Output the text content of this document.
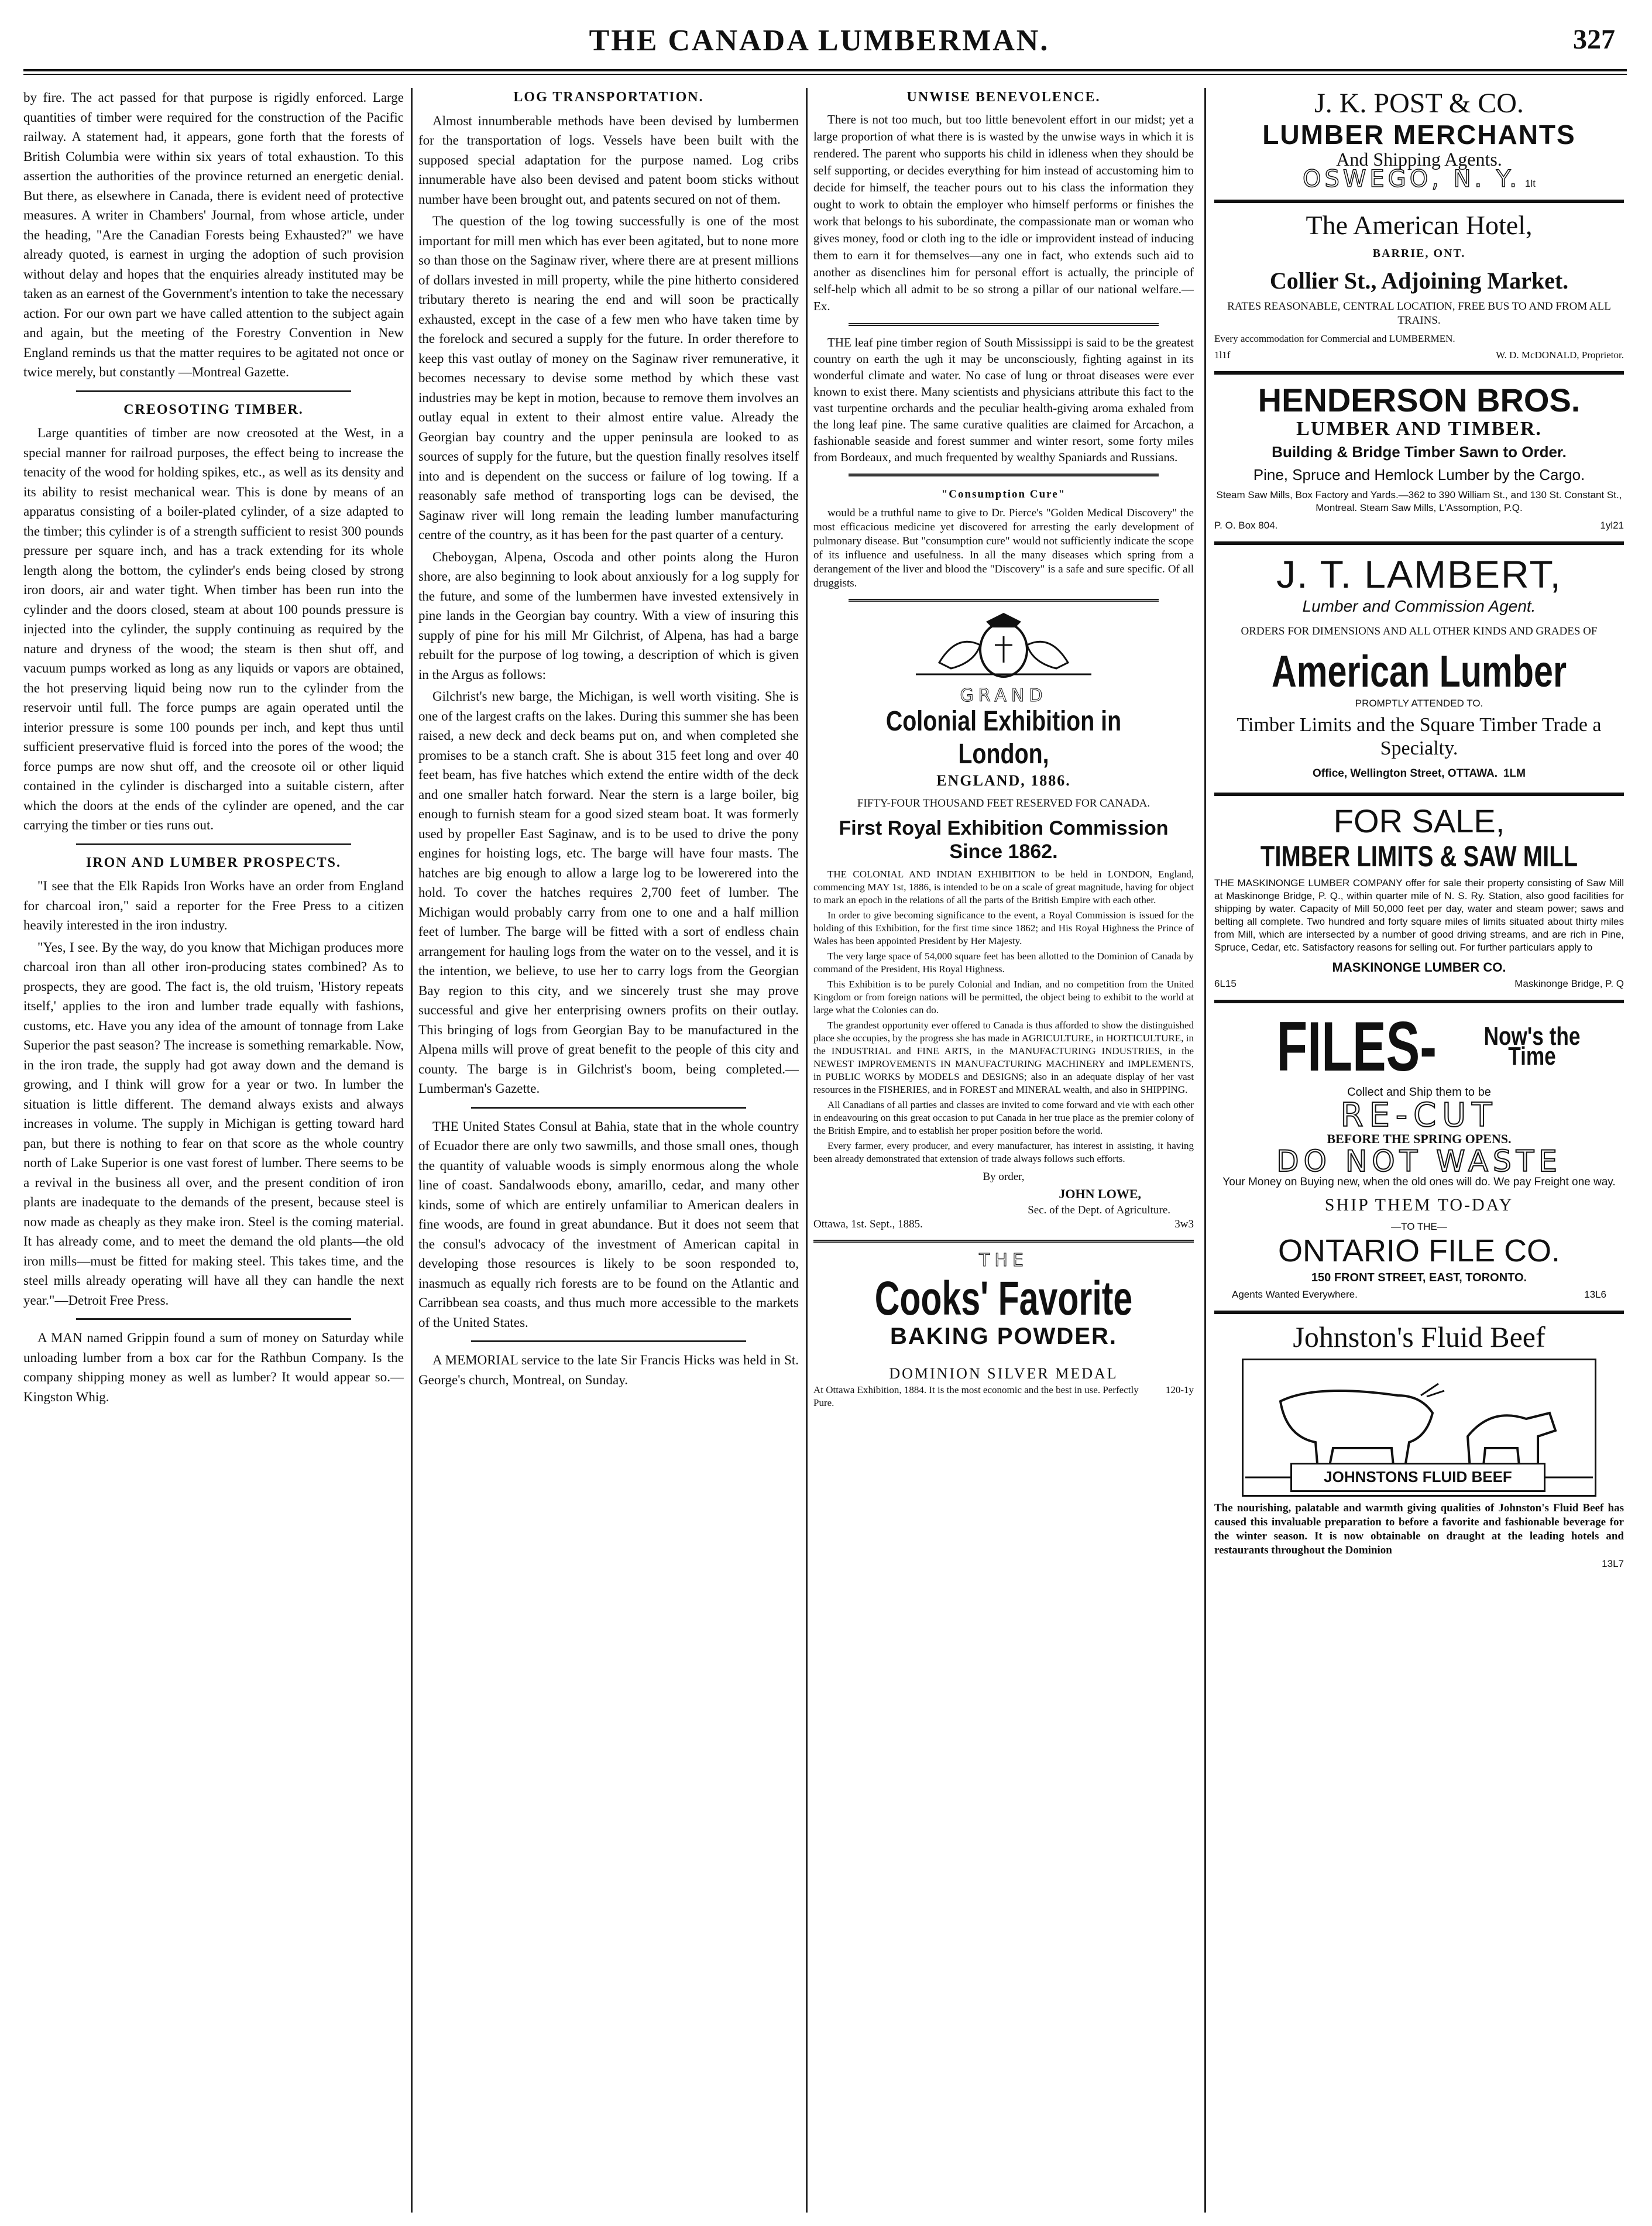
THE CANADA LUMBERMAN.	327

by fire. The act passed for that purpose is rigidly enforced. Large quantities of timber were required for the construction of the Pacific railway. A statement had, it appears, gone forth that the forests of British Columbia were within six years of total exhaustion. To this assertion the authorities of the province returned an energetic denial. But there, as elsewhere in Canada, there is evident need of protective measures. A writer in Chambers' Journal, from whose article, under the heading, "Are the Canadian Forests being Exhausted?" we have already quoted, is earnest in urging the adoption of such provision without delay and hopes that the enquiries already instituted may be taken as an earnest of the Government's intention to take the necessary action. For our own part we have called attention to the subject again and again, but the meeting of the Forestry Convention in New England reminds us that the matter requires to be agitated not once or twice merely, but constantly —Montreal Gazette.

CREOSOTING TIMBER.

Large quantities of timber are now creosoted at the West, in a special manner for railroad purposes, the effect being to increase the tenacity of the wood for holding spikes, etc., as well as its density and its ability to resist mechanical wear. This is done by means of an apparatus consisting of a boiler-plated cylinder, of a size adapted to the timber; this cylinder is of a strength sufficient to resist 300 pounds pressure per square inch, and has a track extending for its whole length along the bottom, the cylinder's ends being closed by strong iron doors, air and water tight. When timber has been run into the cylinder and the doors closed, steam at about 100 pounds pressure is injected into the cylinder, the supply continuing as required by the nature and dryness of the wood; the steam is then shut off, and vacuum pumps worked as long as any liquids or vapors are obtained, the hot preserving liquid being now run to the cylinder from the reservoir until full. The force pumps are again operated until the interior pressure is some 100 pounds per inch, and kept thus until sufficient preservative fluid is forced into the pores of the wood; the force pumps are now shut off, and the creosote oil or other liquid contained in the cylinder is discharged into a suitable cistern, after which the doors at the ends of the cylinder are opened, and the car carrying the timber or ties runs out.

IRON AND LUMBER PROSPECTS.

"I see that the Elk Rapids Iron Works have an order from England for charcoal iron," said a reporter for the Free Press to a citizen heavily interested in the iron industry.

"Yes, I see. By the way, do you know that Michigan produces more charcoal iron than all other iron-producing states combined? As to prospects, they are good. The fact is, the old truism, 'History repeats itself,' applies to the iron and lumber trade equally with fashions, customs, etc. Have you any idea of the amount of tonnage from Lake Superior the past season? The increase is something remarkable. Now, in the iron trade, the supply had got away down and the demand is growing, and I think will grow for a year or two. In lumber the situation is little different. The demand always exists and always increases in volume. The supply in Michigan is getting toward hard pan, but there is nothing to fear on that score as the whole country north of Lake Superior is one vast forest of lumber. There seems to be a revival in the business all over, and the present condition of iron plants are inadequate to the demands of the present, because steel is now made as cheaply as they make iron. Steel is the coming material. It has already come, and to meet the demand the old plants—the old iron mills—must be fitted for making steel. This takes time, and the steel mills already operating will have all they can handle the next year."—Detroit Free Press.

A MAN named Grippin found a sum of money on Saturday while unloading lumber from a box car for the Rathbun Company. Is the company shipping money as well as lumber? It would appear so.—Kingston Whig.

LOG TRANSPORTATION.

Almost innumberable methods have been devised by lumbermen for the transportation of logs. Vessels have been built with the supposed special adaptation for the purpose named. Log cribs innumerable have also been devised and patent boom sticks without number have been brought out, and patents secured on not of them.

The question of the log towing successfully is one of the most important for mill men which has ever been agitated, but to none more so than those on the Saginaw river, where there are at present millions of dollars invested in mill property, while the pine hitherto considered tributary thereto is nearing the end and will soon be practically exhausted, except in the case of a few men who have taken time by the forelock and secured a supply for the future. In order therefore to keep this vast outlay of money on the Saginaw river remunerative, it becomes necessary to devise some method by which these vast industries may be kept in motion, because to remove them involves an outlay equal in extent to their almost entire value. Already the Georgian bay country and the upper peninsula are looked to as sources of supply for the future, but the question finally resolves itself into and is dependent on the success or failure of log towing. If a reasonably safe method of transporting logs can be devised, the Saginaw river will long remain the leading lumber manufacturing centre of the country, as it has been for the past quarter of a century.

Cheboygan, Alpena, Oscoda and other points along the Huron shore, are also beginning to look about anxiously for a log supply for the future, and some of the lumbermen have invested extensively in pine lands in the Georgian bay country. With a view of insuring this supply of pine for his mill Mr Gilchrist, of Alpena, has had a barge rebuilt for the purpose of log towing, a description of which is given in the Argus as follows:

Gilchrist's new barge, the Michigan, is well worth visiting. She is one of the largest crafts on the lakes. During this summer she has been raised, a new deck and deck beams put on, and when completed she promises to be a stanch craft. She is about 315 feet long and over 40 feet beam, has five hatches which extend the entire width of the deck and one smaller hatch forward. Near the stern is a large boiler, big enough to furnish steam for a good sized steam boat. It was formerly used by propeller East Saginaw, and is to be used to drive the pony engines for hoisting logs, etc. The barge will have four masts. The hatches are big enough to allow a large log to be lowerered into the hold. To cover the hatches requires 2,700 feet of lumber. The Michigan would probably carry from one to one and a half million feet of lumber. The barge will be fitted with a sort of endless chain arrangement for hauling logs from the water on to the vessel, and it is the intention, we believe, to use her to carry logs from the Georgian Bay region to this city, and we sincerely trust she may prove successful and give her enterprising owners profits on their outlay. This bringing of logs from Georgian Bay to be manufactured in the Alpena mills will prove of great benefit to the people of this city and county. The barge is in Gilchrist's boom, being completed.—Lumberman's Gazette.

THE United States Consul at Bahia, state that in the whole country of Ecuador there are only two sawmills, and those small ones, though the quantity of valuable woods is simply enormous along the whole line of coast. Sandalwoods ebony, amarillo, cedar, and many other kinds, some of which are entirely unfamiliar to American dealers in fine woods, are found in great abundance. But it does not seem that the consul's advocacy of the investment of American capital in developing those resources is likely to be soon responded to, inasmuch as equally rich forests are to be found on the Atlantic and Carribbean sea coasts, and thus much more accessible to the markets of the United States.

A MEMORIAL service to the late Sir Francis Hicks was held in St. George's church, Montreal, on Sunday.

UNWISE BENEVOLENCE.

There is not too much, but too little benevolent effort in our midst; yet a large proportion of what there is is wasted by the unwise ways in which it is rendered. The parent who supports his child in idleness when they should be self supporting, or decides everything for him instead of accustoming him to decide for himself, the teacher pours out to his class the information they ought to work to obtain the employer who himself performs or finishes the work that belongs to his subordinate, the compassionate man or woman who gives money, food or cloth ing to the idle or improvident instead of inducing them to earn it for themselves—any one in fact, who extends such aid to another as disenclines him for personal effort is actually, the principle of self-help which all admit to be so strong a pillar of our national welfare.—Ex.

THE leaf pine timber region of South Mississippi is said to be the greatest country on earth the ugh it may be unconsciously, fighting against in its wonderful climate and water. No case of lung or throat diseases were ever known to exist there. Many scientists and physicians attribute this fact to the vast turpentine orchards and the peculiar health-giving aroma exhaled from the long leaf pine. The same curative qualities are claimed for Arcachon, a fashionable seaside and forest summer and winter resort, some forty miles from Bordeaux, and much frequented by wealthy Spaniards and Russians.

"Consumption Cure"

would be a truthful name to give to Dr. Pierce's "Golden Medical Discovery" the most efficacious medicine yet discovered for arresting the early development of pulmonary disease. But "consumption cure" would not sufficiently indicate the scope of its influence and usefulness. In all the many diseases which spring from a derangement of the liver and blood the "Discovery" is a safe and sure specific. Of all druggists.

GRAND
Colonial Exhibition in London,
ENGLAND, 1886.
FIFTY-FOUR THOUSAND FEET RESERVED FOR CANADA.
First Royal Exhibition Commission Since 1862.

THE COLONIAL AND INDIAN EXHIBITION to be held in LONDON, England, commencing MAY 1st, 1886, is intended to be on a scale of great magnitude, having for object to mark an epoch in the relations of all the parts of the British Empire with each other.

In order to give becoming significance to the event, a Royal Commission is issued for the holding of this Exhibition, for the first time since 1862; and His Royal Highness the Prince of Wales has been appointed President by Her Majesty.

The very large space of 54,000 square feet has been allotted to the Dominion of Canada by command of the President, His Royal Highness.

This Exhibition is to be purely Colonial and Indian, and no competition from the United Kingdom or from foreign nations will be permitted, the object being to exhibit to the world at large what the Colonies can do.

The grandest opportunity ever offered to Canada is thus afforded to show the distinguished place she occupies, by the progress she has made in AGRICULTURE, in HORTICULTURE, in the INDUSTRIAL and FINE ARTS, in the MANUFACTURING INDUSTRIES, in the NEWEST IMPROVEMENTS IN MANUFACTURING MACHINERY and IMPLEMENTS, in PUBLIC WORKS by MODELS and DESIGNS; also in an adequate display of her vast resources in the FISHERIES, and in FOREST and MINERAL wealth, and also in SHIPPING.

All Canadians of all parties and classes are invited to come forward and vie with each other in endeavouring on this great occasion to put Canada in her true place as the premier colony of the British Empire, and to establish her proper position before the world.

Every farmer, every producer, and every manufacturer, has interest in assisting, it having been already demonstrated that extension of trade always follows such efforts.

By order,
JOHN LOWE,
Sec. of the Dept. of Agriculture.
Ottawa, 1st. Sept., 1885.	3w3
THE
Cooks' Favorite
BAKING POWDER.
DOMINION SILVER MEDAL
At Ottawa Exhibition, 1884. It is the most economic and the best in use. Perfectly Pure.
120-1y
J. K. POST & CO.
LUMBER MERCHANTS
And Shipping Agents.
OSWEGO, N. Y. 1lt
The American Hotel,
BARRIE, ONT.
Collier St., Adjoining Market.
RATES REASONABLE, CENTRAL LOCATION, FREE BUS TO AND FROM ALL TRAINS.
Every accommodation for Commercial and LUMBERMEN.
1l1f	W. D. McDONALD, Proprietor.
HENDERSON BROS.
LUMBER AND TIMBER.
Building & Bridge Timber Sawn to Order.
Pine, Spruce and Hemlock Lumber by the Cargo.
Steam Saw Mills, Box Factory and Yards.—362 to 390 William St., and 130 St. Constant St., Montreal. Steam Saw Mills, L'Assomption, P.Q.
P. O. Box 804.	1yl21
J. T. LAMBERT,
Lumber and Commission Agent.
ORDERS FOR DIMENSIONS AND ALL OTHER KINDS AND GRADES OF
American Lumber
PROMPTLY ATTENDED TO.
Timber Limits and the Square Timber Trade a Specialty.
Office, Wellington Street, OTTAWA. 1LM
FOR SALE,
TIMBER LIMITS & SAW MILL
THE MASKINONGE LUMBER COMPANY offer for sale their property consisting of Saw Mill at Maskinonge Bridge, P. Q., within quarter mile of N. S. Ry. Station, also good facilities for shipping by water. Capacity of Mill 50,000 feet per day, water and steam power; saws and belting all complete. Two hundred and forty square miles of limits situated about thirty miles from Mill, which are intersected by a number of good driving streams, and are rich in Pine, Spruce, Cedar, etc. Satisfactory reasons for selling out. For further particulars apply to
MASKINONGE LUMBER CO.
6L15	Maskinonge Bridge, P. Q
FILES-	Now's the Time
Collect and Ship them to be
RE-CUT
BEFORE THE SPRING OPENS.
DO NOT WASTE
Your Money on Buying new, when the old ones will do. We pay Freight one way.
SHIP THEM TO-DAY
—TO THE—
ONTARIO FILE CO.
150 FRONT STREET, EAST, TORONTO.
Agents Wanted Everywhere.	13L6
Johnston's Fluid Beef
JOHNSTONS FLUID BEEF
The nourishing, palatable and warmth giving qualities of Johnston's Fluid Beef has caused this invaluable preparation to before a favorite and fashionable beverage for the winter season. It is now obtainable on draught at the leading hotels and restaurants throughout the Dominion
13L7
